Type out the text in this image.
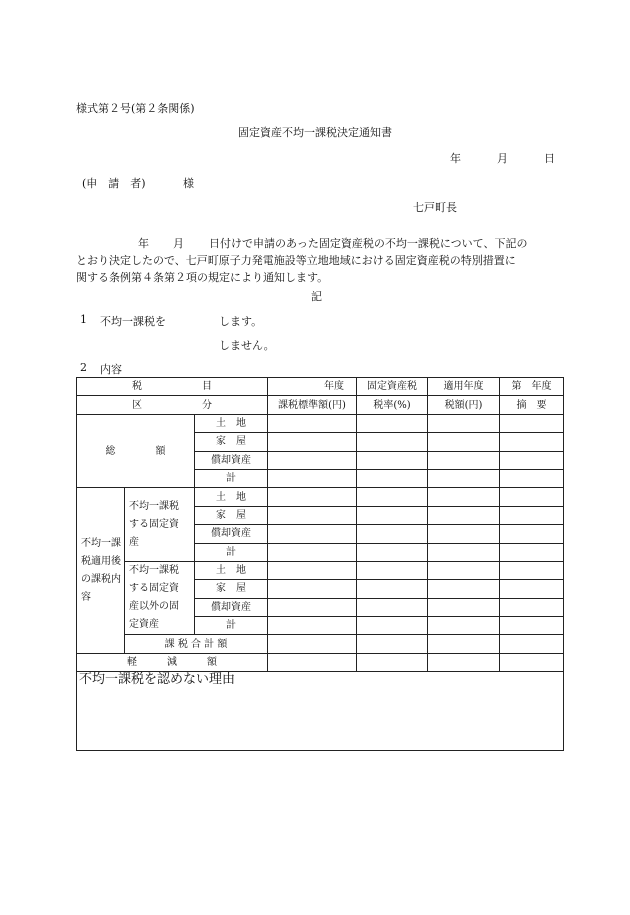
様式第２号(第２条関係)
固定資産不均一課税決定通知書
年	月	日
(申　請　者)	様
七戸町長
年 月 日付けで申請のあった固定資産税の不均一課税について、下記の
とおり決定したので、七戸町原子力発電施設等立地地域における固定資産税の特別措置に
関する条例第４条第２項の規定により通知します。
記
1 不均一課税を	します。
しません。
2 内容
税　　　　　　目			年度	固定資産税	適用年度	第　年度
区　　　　　　分			課税標準額(円)	税率(%)	税額(円)	摘　要
総　　　　額		土　地				
		家　屋				
		償却資産				
		計				
不均一課税適用後の課税内容	不均一課税する固定資産	土　地				
		家　屋				
		償却資産				
		計				
	不均一課税する固定資産以外の固定資産	土　地				
		家　屋				
		償却資産				
		計				
	課 税 合 計 額					
軽　　　減　　　額						
不均一課税を認めない理由
